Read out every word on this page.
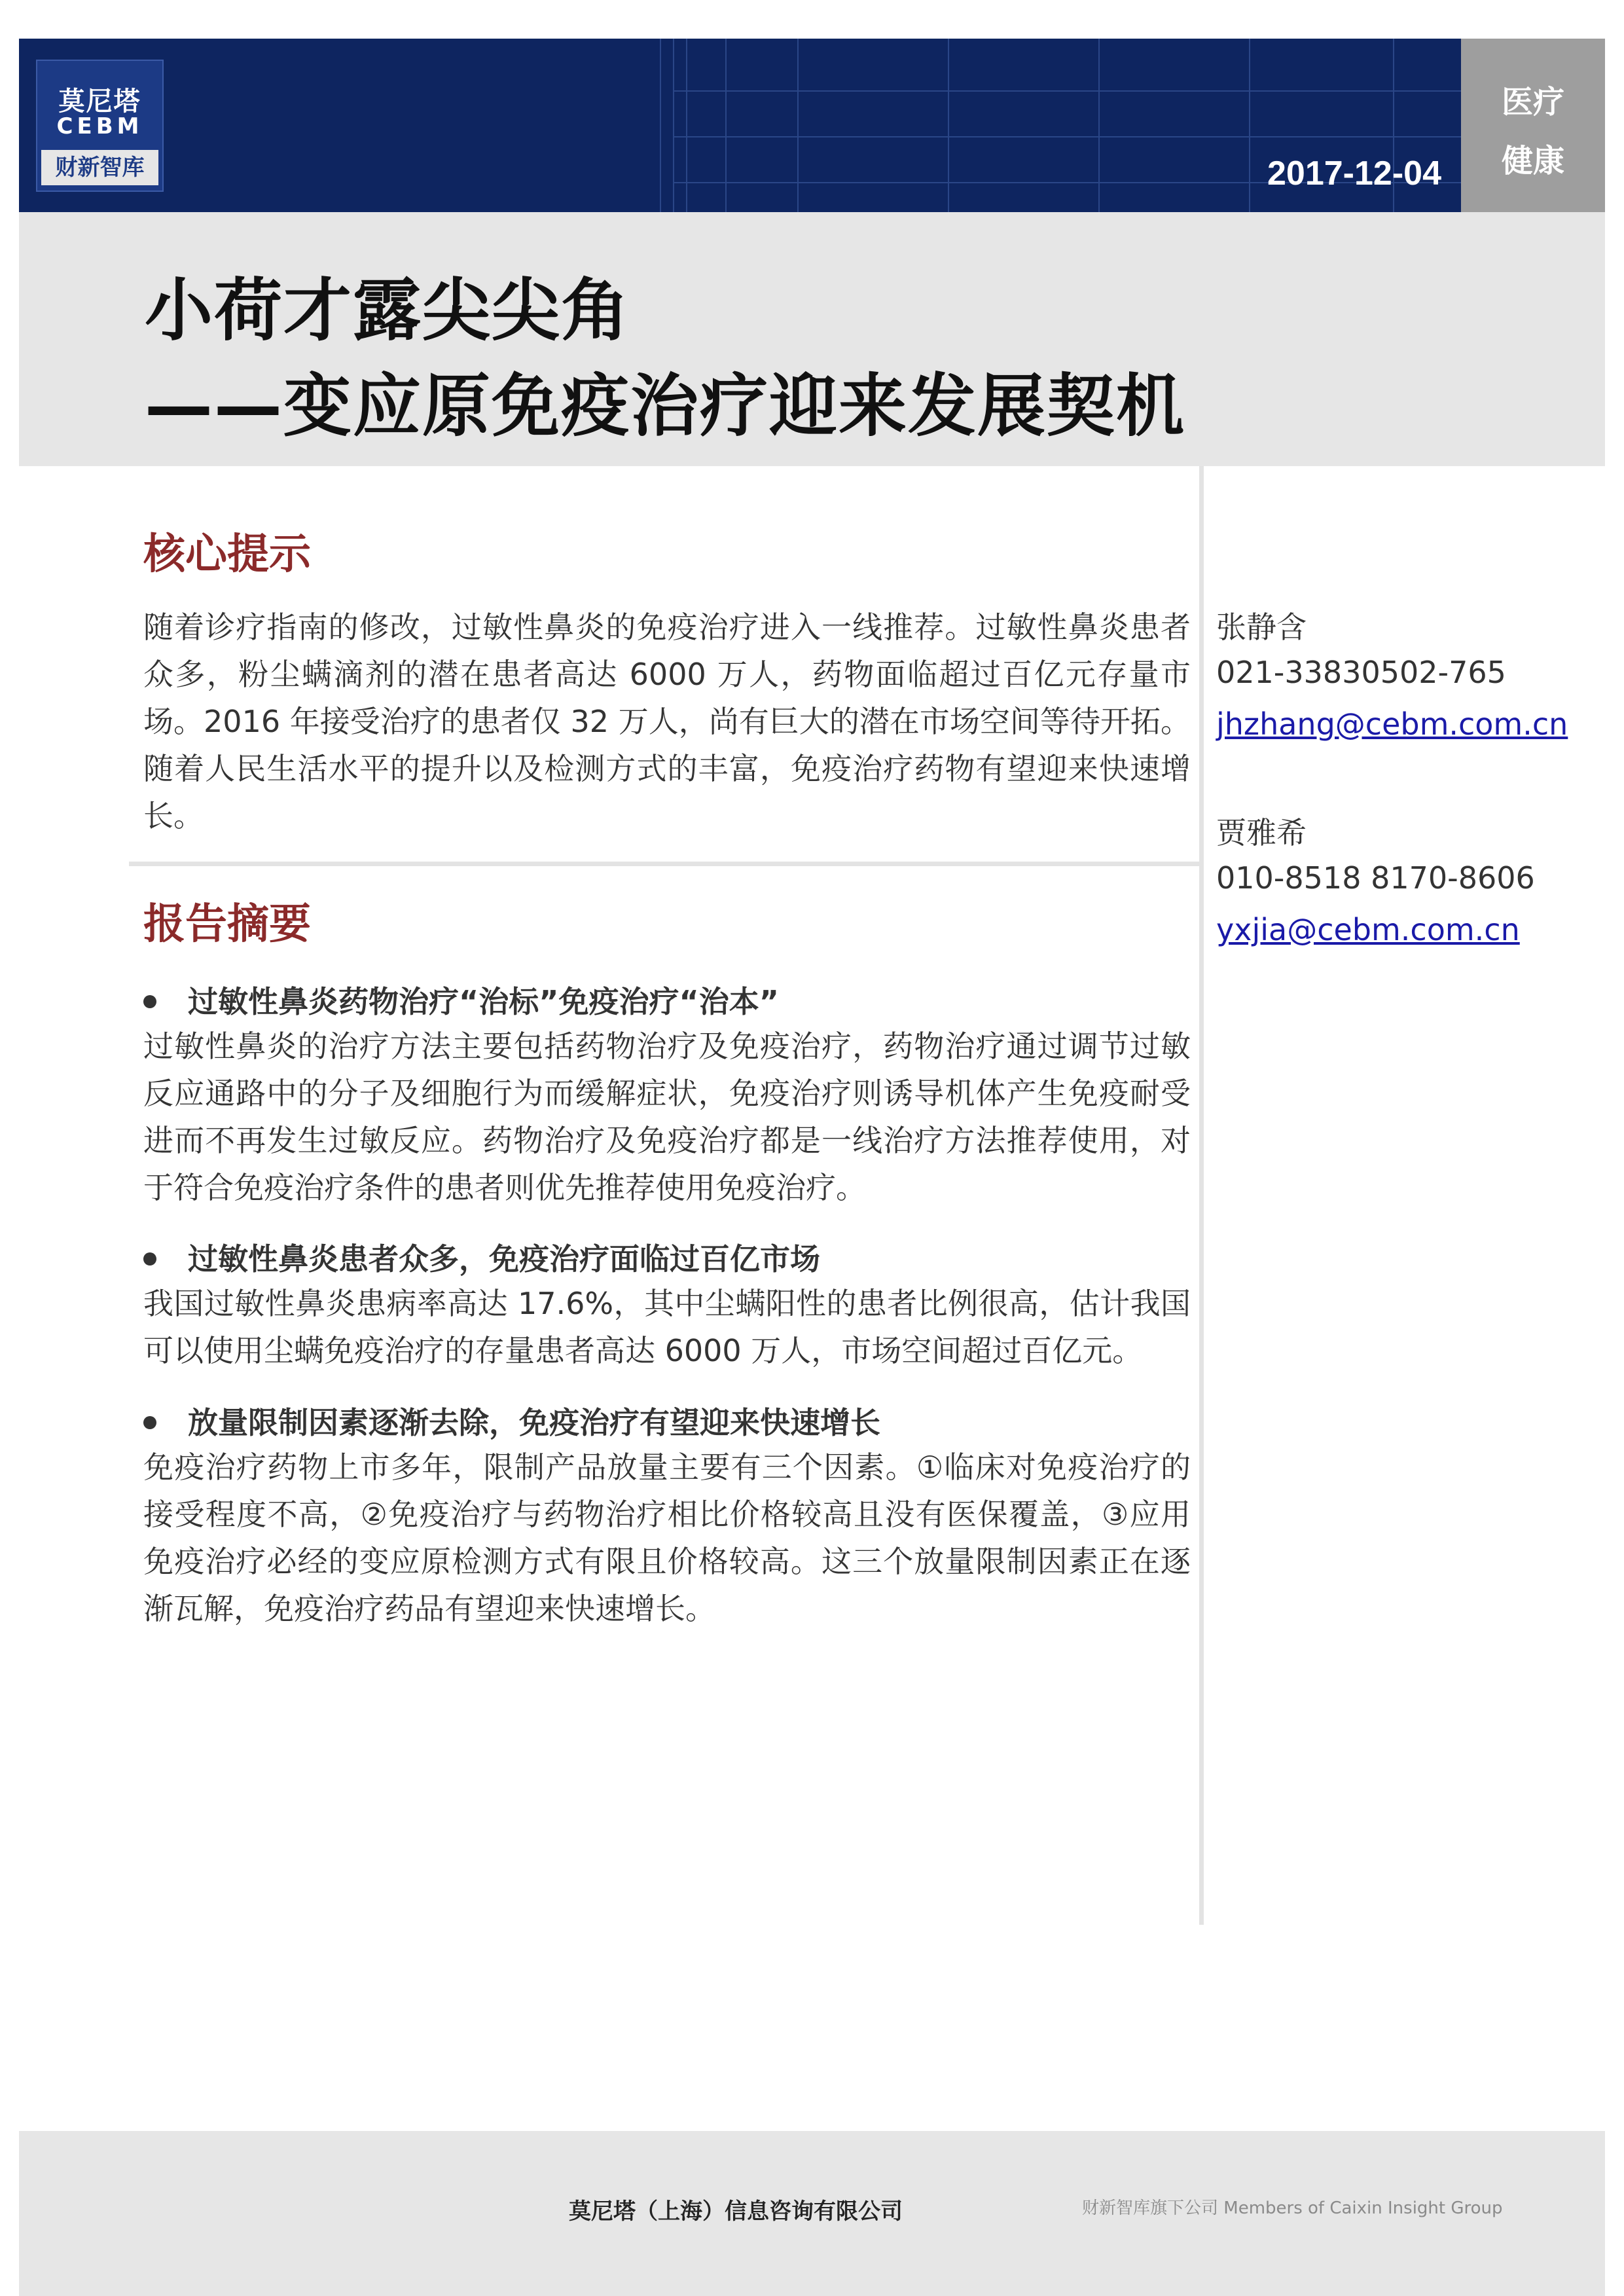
莫尼塔
CEBM
财新智库	2017-12-04
医疗
健康
小荷才露尖尖角
——变应原免疫治疗迎来发展契机
核心提示

随着诊疗指南的修改，过敏性鼻炎的免疫治疗进入一线推荐。过敏性鼻炎患者众多，粉尘螨滴剂的潜在患者高达 6000 万人，药物面临超过百亿元存量市场。2016 年接受治疗的患者仅 32 万人，尚有巨大的潜在市场空间等待开拓。随着人民生活水平的提升以及检测方式的丰富，免疫治疗药物有望迎来快速增长。

报告摘要
过敏性鼻炎药物治疗“治标”免疫治疗“治本”

过敏性鼻炎的治疗方法主要包括药物治疗及免疫治疗，药物治疗通过调节过敏反应通路中的分子及细胞行为而缓解症状，免疫治疗则诱导机体产生免疫耐受进而不再发生过敏反应。药物治疗及免疫治疗都是一线治疗方法推荐使用，对于符合免疫治疗条件的患者则优先推荐使用免疫治疗。

过敏性鼻炎患者众多，免疫治疗面临过百亿市场

我国过敏性鼻炎患病率高达 17.6%，其中尘螨阳性的患者比例很高，估计我国可以使用尘螨免疫治疗的存量患者高达 6000 万人，市场空间超过百亿元。

放量限制因素逐渐去除，免疫治疗有望迎来快速增长

免疫治疗药物上市多年，限制产品放量主要有三个因素。①临床对免疫治疗的接受程度不高，②免疫治疗与药物治疗相比价格较高且没有医保覆盖，③应用免疫治疗必经的变应原检测方式有限且价格较高。这三个放量限制因素正在逐渐瓦解，免疫治疗药品有望迎来快速增长。

张静含
021-33830502-765
jhzhang@cebm.com.cn
贾雅希
010-8518 8170-8606
yxjia@cebm.com.cn
莫尼塔（上海）信息咨询有限公司	财新智库旗下公司 Members of Caixin Insight Group
